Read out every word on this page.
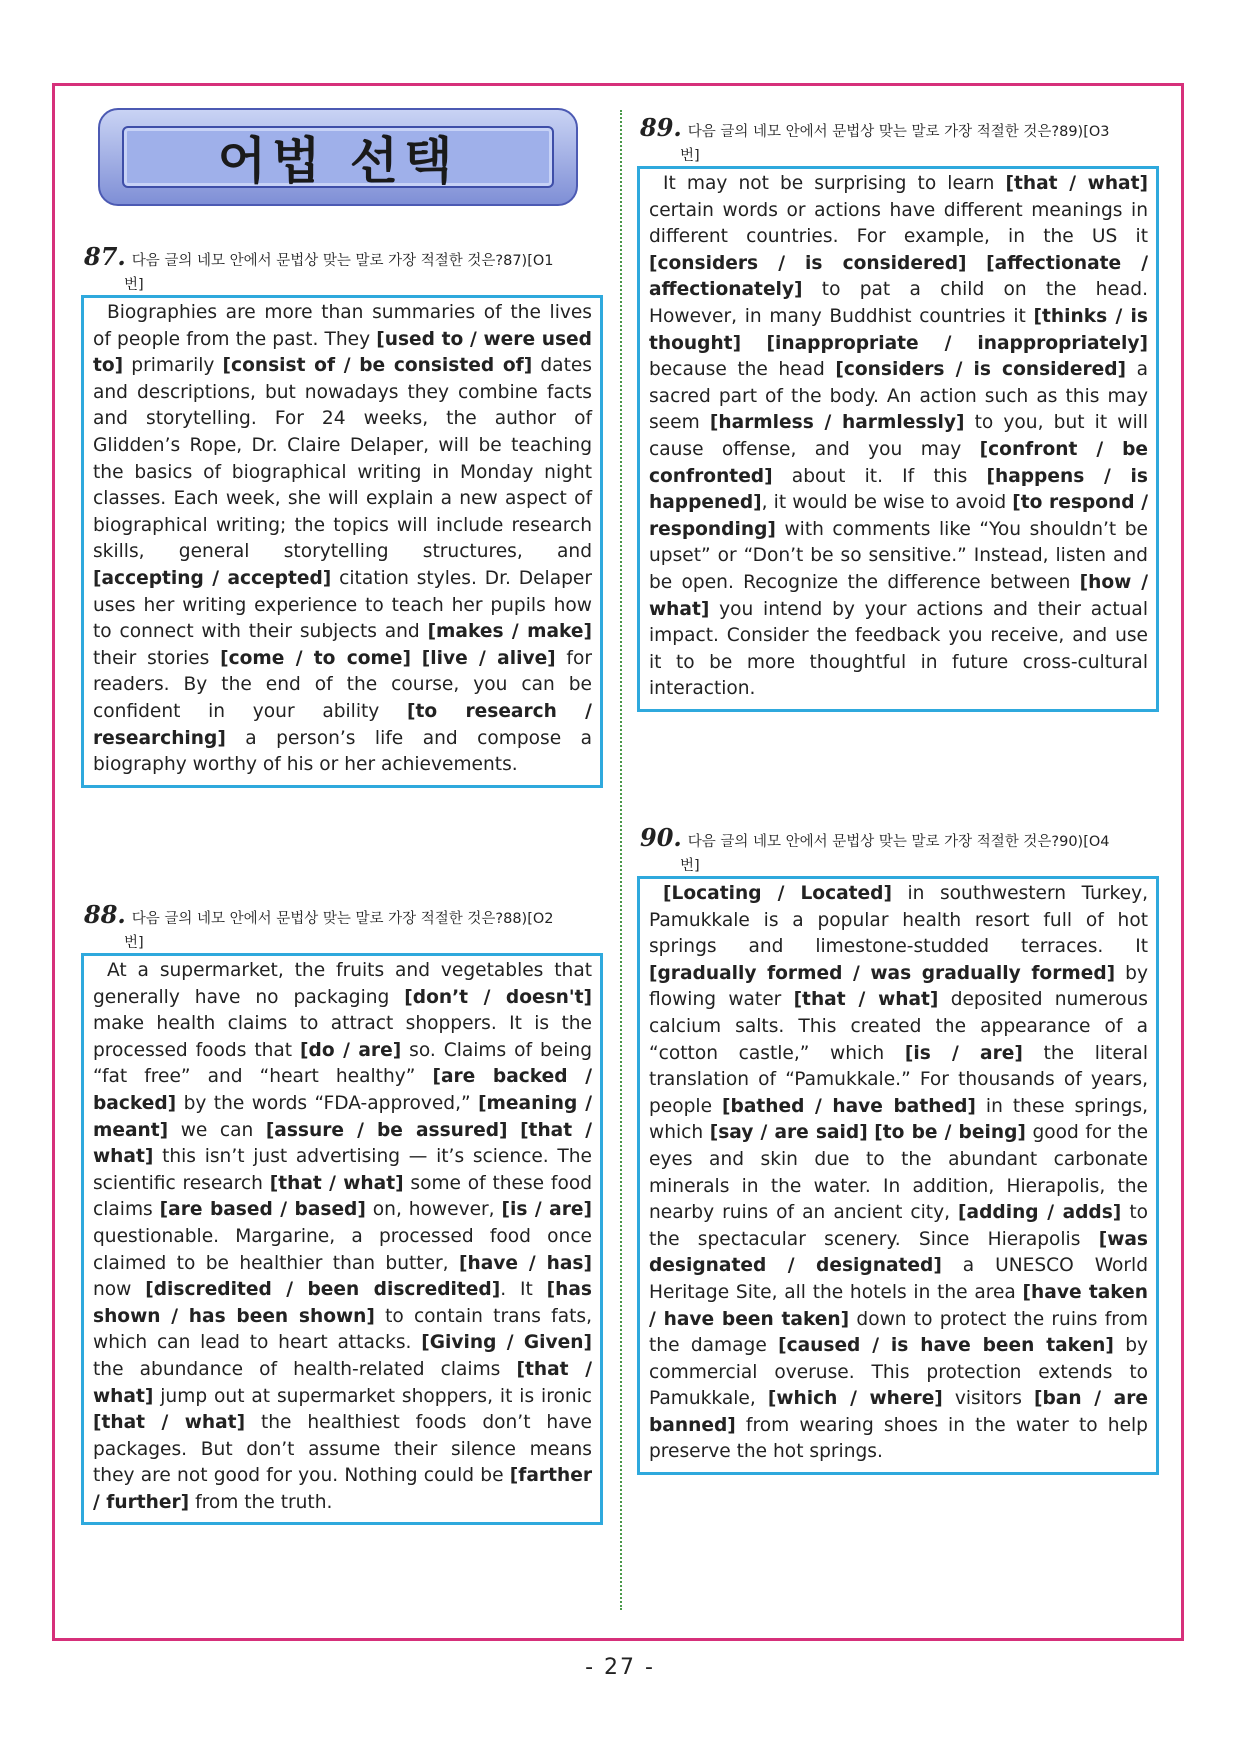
어법 선택
87. 다음 글의 네모 안에서 문법상 맞는 말로 가장 적절한 것은?87)[O1
번]

Biographies are more than summaries of the lives of people from the past. They [used to / were used to] primarily [consist of / be consisted of] dates and descriptions, but nowadays they combine facts and storytelling. For 24 weeks, the author of Glidden’s Rope, Dr. Claire Delaper, will be teaching the basics of biographical writing in Monday night classes. Each week, she will explain a new aspect of biographical writing; the topics will include research skills, general storytelling structures, and [accepting / accepted] citation styles. Dr. Delaper uses her writing experience to teach her pupils how to connect with their subjects and [makes / make] their stories [come / to come] [live / alive] for readers. By the end of the course, you can be confident in your ability [to research / researching] a person’s life and compose a biography worthy of his or her achievements.

88. 다음 글의 네모 안에서 문법상 맞는 말로 가장 적절한 것은?88)[O2
번]

At a supermarket, the fruits and vegetables that generally have no packaging [don’t / doesn't] make health claims to attract shoppers. It is the processed foods that [do / are] so. Claims of being “fat free” and “heart healthy” [are backed / backed] by the words “FDA-approved,” [meaning / meant] we can [assure / be assured] [that / what] this isn’t just advertising — it’s science. The scientific research [that / what] some of these food claims [are based / based] on, however, [is / are] questionable. Margarine, a processed food once claimed to be healthier than butter, [have / has] now [discredited / been discredited]. It [has shown / has been shown] to contain trans fats, which can lead to heart attacks. [Giving / Given] the abundance of health-related claims [that / what] jump out at supermarket shoppers, it is ironic [that / what] the healthiest foods don’t have packages. But don’t assume their silence means they are not good for you. Nothing could be [farther / further] from the truth.

89. 다음 글의 네모 안에서 문법상 맞는 말로 가장 적절한 것은?89)[O3
번]

It may not be surprising to learn [that / what] certain words or actions have different meanings in different countries. For example, in the US it [considers / is considered] [affectionate / affectionately] to pat a child on the head. However, in many Buddhist countries it [thinks / is thought] [inappropriate / inappropriately] because the head [considers / is considered] a sacred part of the body. An action such as this may seem [harmless / harmlessly] to you, but it will cause offense, and you may [confront / be confronted] about it. If this [happens / is happened], it would be wise to avoid [to respond / responding] with comments like “You shouldn’t be upset” or “Don’t be so sensitive.” Instead, listen and be open. Recognize the difference between [how / what] you intend by your actions and their actual impact. Consider the feedback you receive, and use it to be more thoughtful in future cross-cultural interaction.

90. 다음 글의 네모 안에서 문법상 맞는 말로 가장 적절한 것은?90)[O4
번]

[Locating / Located] in southwestern Turkey, Pamukkale is a popular health resort full of hot springs and limestone-studded terraces. It [gradually formed / was gradually formed] by flowing water [that / what] deposited numerous calcium salts. This created the appearance of a “cotton castle,” which [is / are] the literal translation of “Pamukkale.” For thousands of years, people [bathed / have bathed] in these springs, which [say / are said] [to be / being] good for the eyes and skin due to the abundant carbonate minerals in the water. In addition, Hierapolis, the nearby ruins of an ancient city, [adding / adds] to the spectacular scenery. Since Hierapolis [was designated / designated] a UNESCO World Heritage Site, all the hotels in the area [have taken / have been taken] down to protect the ruins from the damage [caused / is have been taken] by commercial overuse. This protection extends to Pamukkale, [which / where] visitors [ban / are banned] from wearing shoes in the water to help preserve the hot springs.

- 27 -
